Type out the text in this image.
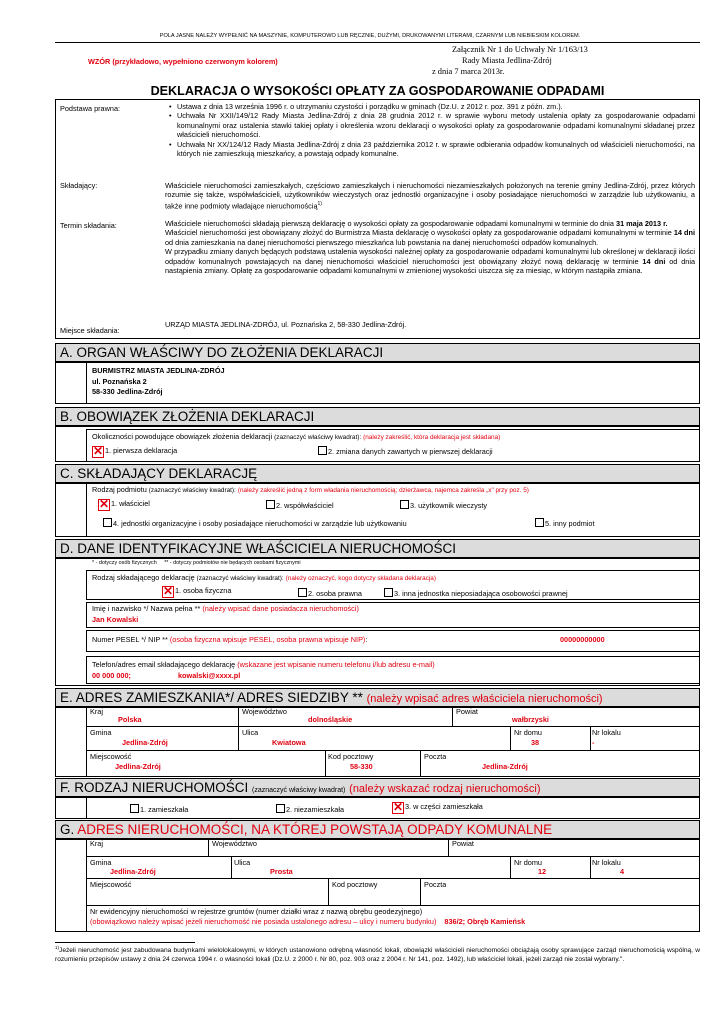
POLA JASNE NALEŻY WYPEŁNIĆ NA MASZYNIE, KOMPUTEROWO LUB RĘCZNIE, DUŻYMI, DRUKOWANYMI LITERAMI, CZARNYM LUB NIEBIESKIM KOLOREM.
Załącznik Nr 1 do Uchwały Nr 1/163/13
Rady Miasta Jedlina-Zdrój
z dnia 7 marca 2013r.
WZÓR (przykładowo, wypełniono czerwonym kolorem)
DEKLARACJA O WYSOKOŚCI OPŁATY ZA GOSPODAROWANIE ODPADAMI
Podstawa prawna:
•	Ustawa z dnia 13 września 1996 r. o utrzymaniu czystości i porządku w gminach (Dz.U. z 2012 r. poz. 391 z późn. zm.).
• Uchwała Nr XXII/149/12 Rady Miasta Jedlina-Zdrój z dnia 28 grudnia 2012 r. w sprawie wyboru metody ustalenia opłaty za gospodarowanie odpadami komunalnymi oraz ustalenia stawki takiej opłaty i określenia wzoru deklaracji o wysokości opłaty za gospodarowanie odpadami komunalnymi składanej przez właścicieli nieruchomości.
• Uchwała Nr XX/124/12 Rady Miasta Jedlina-Zdrój z dnia 23 października 2012 r. w sprawie odbierania odpadów komunalnych od właścicieli nieruchomości, na których nie zamieszkują mieszkańcy, a powstają odpady komunalne.
Składający:	Właściciele nieruchomości zamieszkałych, częściowo zamieszkałych i nieruchomości niezamieszkałych położonych na terenie gminy Jedlina-Zdrój, przez których rozumie się także, współwłaścicieli, użytkowników wieczystych oraz jednostki organizacyjne i osoby posiadające nieruchomości w zarządzie lub użytkowaniu, a także inne podmioty władające nieruchomością$^{1)}$
Termin składania:	Właściciele nieruchomości składają pierwszą deklarację o wysokości opłaty za gospodarowanie odpadami komunalnymi w terminie do dnia 31 maja 2013 r.
Właściciel nieruchomości jest obowiązany złożyć do Burmistrza Miasta deklarację o wysokości opłaty za gospodarowanie odpadami komunalnymi w terminie 14 dni od dnia zamieszkania na danej nieruchomości pierwszego mieszkańca lub powstania na danej nieruchomości odpadów komunalnych.
W przypadku zmiany danych będących podstawą ustalenia wysokości należnej opłaty za gospodarowanie odpadami komunalnymi lub określonej w deklaracji ilości odpadów komunalnych powstających na danej nieruchomości właściciel nieruchomości jest obowiązany złożyć nową deklarację w terminie 14 dni od dnia nastąpienia zmiany. Opłatę za gospodarowanie odpadami komunalnymi w zmienionej wysokości uiszcza się za miesiąc, w którym nastąpiła zmiana.
Miejsce składania:
URZĄD MIASTA JEDLINA-ZDRÓJ, ul. Poznańska 2, 58-330 Jedlina-Zdrój.
A. ORGAN WŁAŚCIWY DO ZŁOŻENIA DEKLARACJI
BURMISTRZ MIASTA JEDLINA-ZDRÓJ
ul. Poznańska 2
58-330 Jedlina-Zdrój
B. OBOWIĄZEK ZŁOŻENIA DEKLARACJI
Okoliczności powodujące obowiązek złożenia deklaracji (zaznaczyć właściwy kwadrat): (należy zakreślić, która deklaracja jest składana)
✕ 1. pierwsza deklaracja	2. zmiana danych zawartych w pierwszej deklaracji
C. SKŁADAJĄCY DEKLARACJĘ
Rodzaj podmiotu (zaznaczyć właściwy kwadrat): (należy zakreślić jedną z form władania nieruchomością; dzierżawca, najemca zakreśla „x" przy poz. 5)
✕ 1. właściciel	2. współwłaściciel	3. użytkownik wieczysty
4. jednostki organizacyjne i osoby posiadające nieruchomości w zarządzie lub użytkowaniu	5. inny podmiot
D. DANE IDENTYFIKACYJNE WŁAŚCICIELA NIERUCHOMOŚCI
* - dotyczy osób fizycznych     ** - dotyczy podmiotów nie będących osobami fizycznymi
Rodzaj składającego deklarację (zaznaczyć właściwy kwadrat): (należy oznaczyć, kogo dotyczy składana deklaracja)
✕ 1. osoba fizyczna	2. osoba prawna	3. inna jednostka nieposiadająca osobowości prawnej
Imię i nazwisko */ Nazwa pełna ** (należy wpisać dane posiadacza nieruchomości)
Jan Kowalski
Numer PESEL */ NIP ** (osoba fizyczna wpisuje PESEL, osoba prawna wpisuje NIP):	00000000000
Telefon/adres email składającego deklarację (wskazane jest wpisanie numeru telefonu i/lub adresu e-mail)
00 000 000;	kowalski@xxxx.pl
E. ADRES ZAMIESZKANIA*/ ADRES SIEDZIBY ** (należy wpisać adres właściciela nieruchomości)
Kraj
Polska
Województwo
dolnośląskie
Powiat
wałbrzyski
Gmina
Jedlina-Zdrój
Ulica
Kwiatowa
Nr domu
38
Nr lokalu
-
Miejscowość
Jedlina-Zdrój
Kod pocztowy
58-330
Poczta
Jedlina-Zdrój
F. RODZAJ NIERUCHOMOŚCI (zaznaczyć właściwy kwadrat) (należy wskazać rodzaj nieruchomości)
1. zamieszkała	2. niezamieszkała	✕ 3. w części zamieszkała
G. ADRES NIERUCHOMOŚCI, NA KTÓREJ POWSTAJĄ ODPADY KOMUNALNE
Kraj	Województwo	Powiat
Gmina
Jedlina-Zdrój
Ulica
Prosta
Nr domu
12
Nr lokalu
4
Miejscowość	Kod pocztowy	Poczta
Nr ewidencyjny nieruchomości w rejestrze gruntów (numer działki wraz z nazwą obrębu geodezyjnego)
(obowiązkowo należy wpisać jeżeli nieruchomość nie posiada ustalonego adresu – ulicy i numeru budynku) 836/2; Obręb Kamieńsk
$^{1)}$Jeżeli nieruchomość jest zabudowana budynkami wielolokalowymi, w których ustanowiono odrębną własność lokali, obowiązki właścicieli nieruchomości obciążają osoby sprawujące zarząd nieruchomością wspólną, w rozumieniu przepisów ustawy z dnia 24 czerwca 1994 r. o własności lokali (Dz.U. z 2000 r. Nr 80, poz. 903 oraz z 2004 r. Nr 141, poz. 1492), lub właściciel lokali, jeżeli zarząd nie został wybrany.".
